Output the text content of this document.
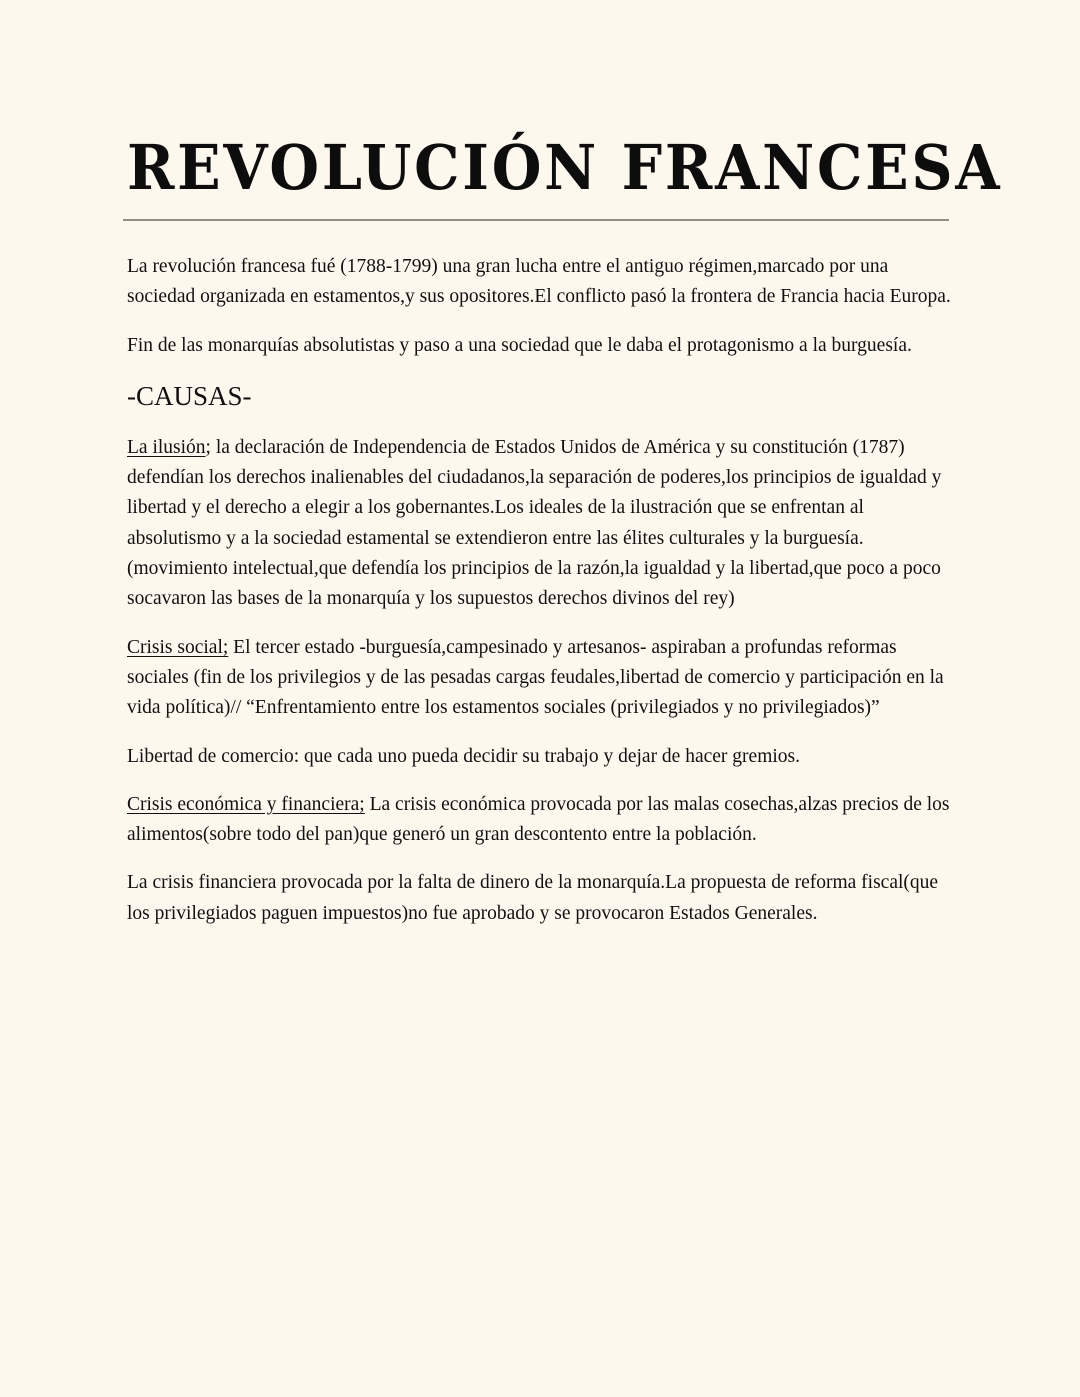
REVOLUCIÓN FRANCESA

La revolución francesa fué (1788-1799) una gran lucha entre el antiguo régimen,marcado por una sociedad organizada en estamentos,y sus opositores.El conflicto pasó la frontera de Francia hacia Europa.

Fin de las monarquías absolutistas y paso a una sociedad que le daba el protagonismo a la burguesía.

-CAUSAS-

La ilusión; la declaración de Independencia de Estados Unidos de América y su constitución (1787) defendían los derechos inalienables del ciudadanos,la separación de poderes,los principios de igualdad y libertad y el derecho a elegir a los gobernantes.Los ideales de la ilustración que se enfrentan al absolutismo y a la sociedad estamental se extendieron entre las élites culturales y la burguesía.(movimiento intelectual,que defendía los principios de la razón,la igualdad y la libertad,que poco a poco socavaron las bases de la monarquía y los supuestos derechos divinos del rey)

Crisis social; El tercer estado -burguesía,campesinado y artesanos- aspiraban a profundas reformas sociales (fin de los privilegios y de las pesadas cargas feudales,libertad de comercio y participación en la vida política)// “Enfrentamiento entre los estamentos sociales (privilegiados y no privilegiados)”

Libertad de comercio: que cada uno pueda decidir su trabajo y dejar de hacer gremios.

Crisis económica y financiera; La crisis económica provocada por las malas cosechas,alzas precios de los alimentos(sobre todo del pan)que generó un gran descontento entre la población.

La crisis financiera provocada por la falta de dinero de la monarquía.La propuesta de reforma fiscal(que los privilegiados paguen impuestos)no fue aprobado y se provocaron Estados Generales.
